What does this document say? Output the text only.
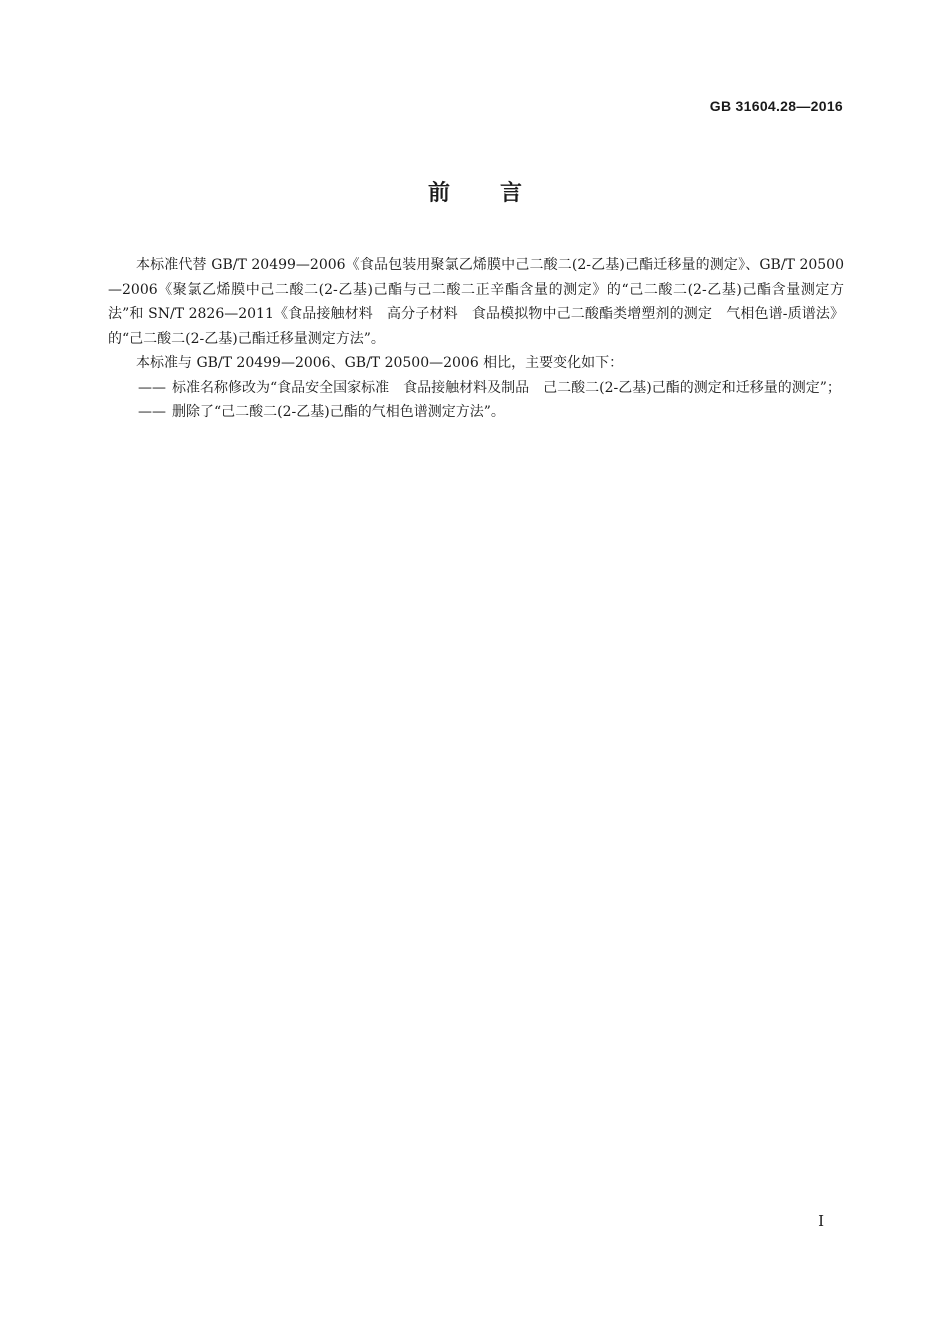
GB 31604.28—2016
前言

本标准代替 GB/T 20499—2006《食品包装用聚氯乙烯膜中己二酸二(2-乙基)己酯迁移量的测定》、GB/T 20500—2006《聚氯乙烯膜中己二酸二(2-乙基)己酯与己二酸二正辛酯含量的测定》的“己二酸二(2-乙基)己酯含量测定方法”和 SN/T 2826—2011《食品接触材料　高分子材料　食品模拟物中己二酸酯类增塑剂的测定　气相色谱-质谱法》的“己二酸二(2-乙基)己酯迁移量测定方法”。

本标准与 GB/T 20499—2006、GB/T 20500—2006 相比，主要变化如下：

—— 标准名称修改为“食品安全国家标准　食品接触材料及制品　己二酸二(2-乙基)己酯的测定和迁移量的测定”；
—— 删除了“己二酸二(2-乙基)己酯的气相色谱测定方法”。
I
